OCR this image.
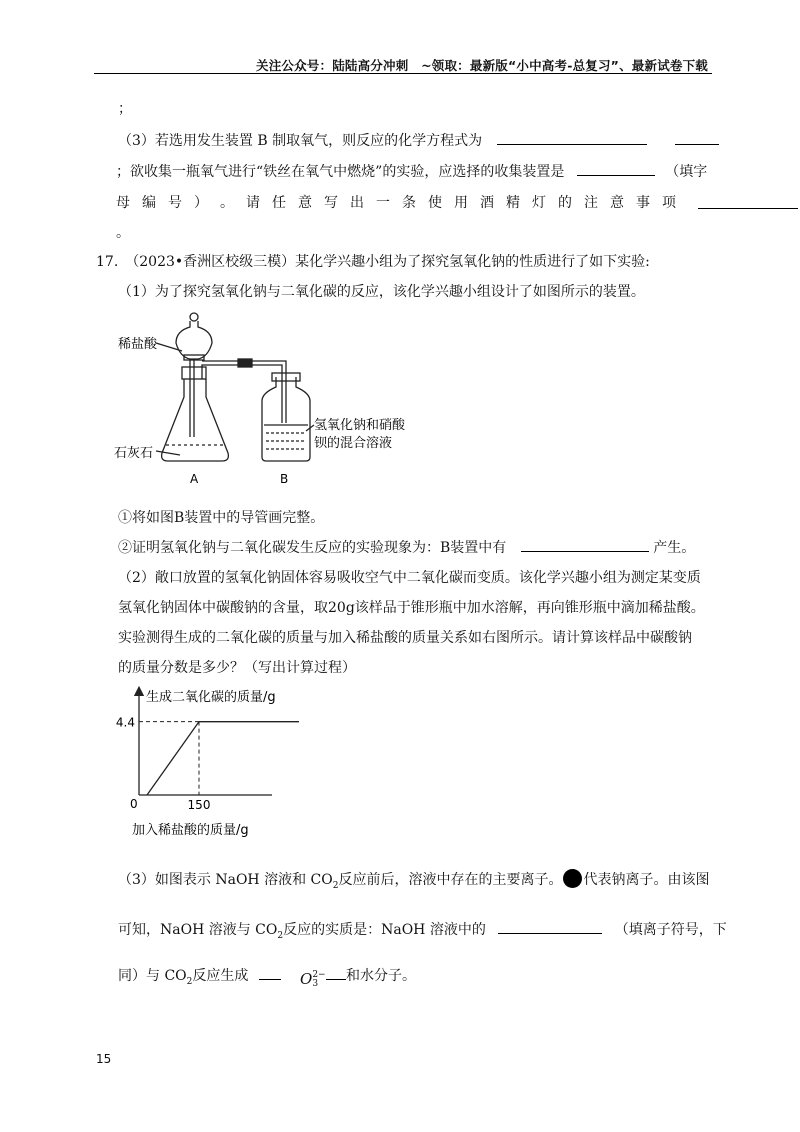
关注公众号：陆陆高分冲刺　~领取：最新版“小中高考-总复习”、最新试卷下载
；
（3）若选用发生装置 B 制取氧气，则反应的化学方程式为
；欲收集一瓶氧气进行“铁丝在氧气中燃烧”的实验，应选择的收集装置是	（填字
母 编 号 ） 。 请 任 意 写 出 一 条 使 用 酒 精 灯 的 注 意 事 项
。
17.　（2023•香洲区校级三模）某化学兴趣小组为了探究氢氧化钠的性质进行了如下实验:
（1）为了探究氢氧化钠与二氧化碳的反应，该化学兴趣小组设计了如图所示的装置。
稀盐酸
石灰石
氢氧化钠和硝酸
钡的混合溶液
A	B
①将如图B装置中的导管画完整。
②证明氢氧化钠与二氧化碳发生反应的实验现象为：B装置中有	产生。
（2）敞口放置的氢氧化钠固体容易吸收空气中二氧化碳而变质。该化学兴趣小组为测定某变质
氢氧化钠固体中碳酸钠的含量，取20g该样品于锥形瓶中加水溶解，再向锥形瓶中滴加稀盐酸。
实验测得生成的二氧化碳的质量与加入稀盐酸的质量关系如右图所示。请计算该样品中碳酸钠
的质量分数是多少？（写出计算过程）
4.4
150
生成二氧化碳的质量/g
加入稀盐酸的质量/g
0
（3）如图表示 NaOH 溶液和 $CO_2$反应前后，溶液中存在的主要离子。 代表钠离子。由该图
可知，NaOH 溶液与 $CO_2$反应的实质是：NaOH 溶液中的	（填离子符号，下
同）与 $CO_2$反应生成	O 2−
3	和水分子。
15
